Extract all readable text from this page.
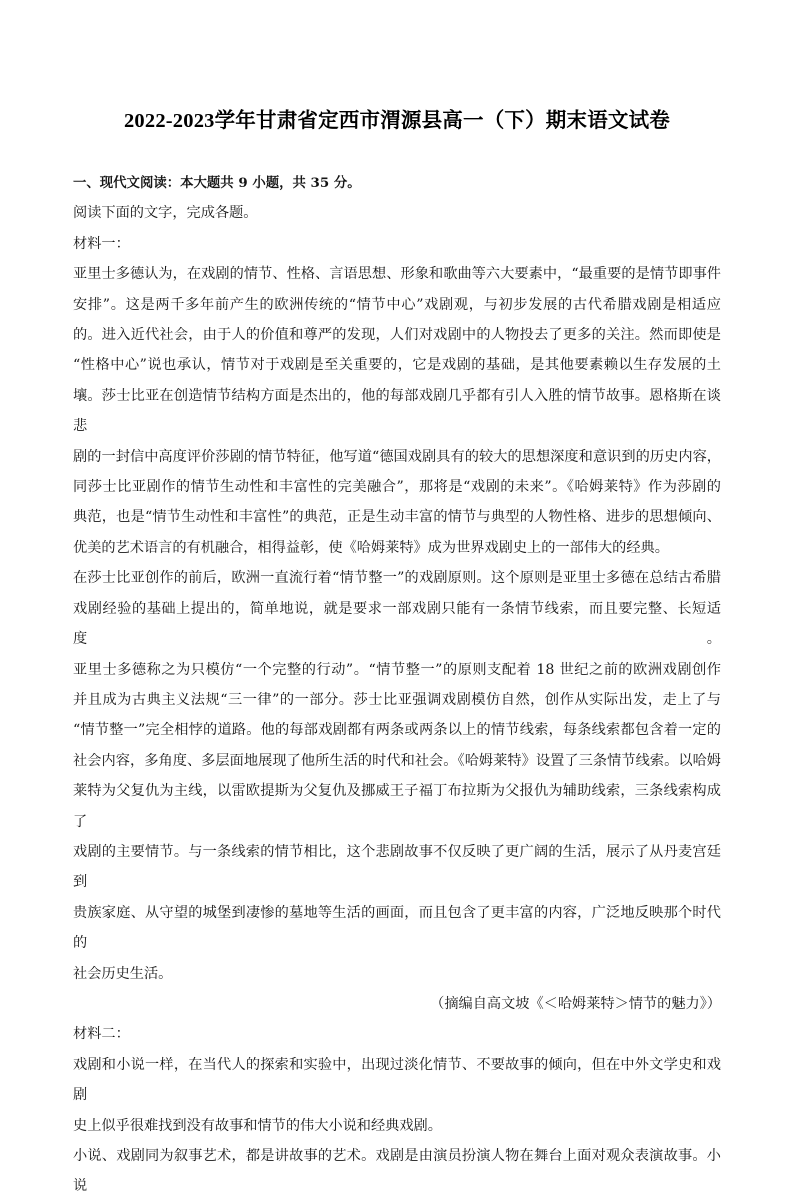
2022-2023学年甘肃省定西市渭源县高一（下）期末语文试卷

一、现代文阅读：本大题共 9 小题，共 35 分。

阅读下面的文字，完成各题。

材料一：

亚里士多德认为，在戏剧的情节、性格、言语思想、形象和歌曲等六大要素中，“最重要的是情节即事件

安排”。这是两千多年前产生的欧洲传统的“情节中心”戏剧观，与初步发展的古代希腊戏剧是相适应

的。进入近代社会，由于人的价值和尊严的发现，人们对戏剧中的人物投去了更多的关注。然而即使是

“性格中心”说也承认，情节对于戏剧是至关重要的，它是戏剧的基础，是其他要素赖以生存发展的土

壤。莎士比亚在创造情节结构方面是杰出的，他的每部戏剧几乎都有引人入胜的情节故事。恩格斯在谈悲

剧的一封信中高度评价莎剧的情节特征，他写道“德国戏剧具有的较大的思想深度和意识到的历史内容，

同莎士比亚剧作的情节生动性和丰富性的完美融合”，那将是“戏剧的未来”。《哈姆莱特》作为莎剧的

典范，也是“情节生动性和丰富性”的典范，正是生动丰富的情节与典型的人物性格、进步的思想倾向、

优美的艺术语言的有机融合，相得益彰，使《哈姆莱特》成为世界戏剧史上的一部伟大的经典。

在莎士比亚创作的前后，欧洲一直流行着“情节整一”的戏剧原则。这个原则是亚里士多德在总结古希腊

戏剧经验的基础上提出的，简单地说，就是要求一部戏剧只能有一条情节线索，而且要完整、长短适度。

亚里士多德称之为只模仿“一个完整的行动”。“情节整一”的原则支配着 18 世纪之前的欧洲戏剧创作

并且成为古典主义法规“三一律”的一部分。莎士比亚强调戏剧模仿自然，创作从实际出发，走上了与

“情节整一”完全相悖的道路。他的每部戏剧都有两条或两条以上的情节线索，每条线索都包含着一定的

社会内容，多角度、多层面地展现了他所生活的时代和社会。《哈姆莱特》设置了三条情节线索。以哈姆

莱特为父复仇为主线，以雷欧提斯为父复仇及挪威王子福丁布拉斯为父报仇为辅助线索，三条线索构成了

戏剧的主要情节。与一条线索的情节相比，这个悲剧故事不仅反映了更广阔的生活，展示了从丹麦宫廷到

贵族家庭、从守望的城堡到凄惨的墓地等生活的画面，而且包含了更丰富的内容，广泛地反映那个时代的

社会历史生活。

（摘编自高文坡《＜哈姆莱特＞情节的魅力》）

材料二：

戏剧和小说一样，在当代人的探索和实验中，出现过淡化情节、不要故事的倾向，但在中外文学史和戏剧

史上似乎很难找到没有故事和情节的伟大小说和经典戏剧。

小说、戏剧同为叙事艺术，都是讲故事的艺术。戏剧是由演员扮演人物在舞台上面对观众表演故事。小说
